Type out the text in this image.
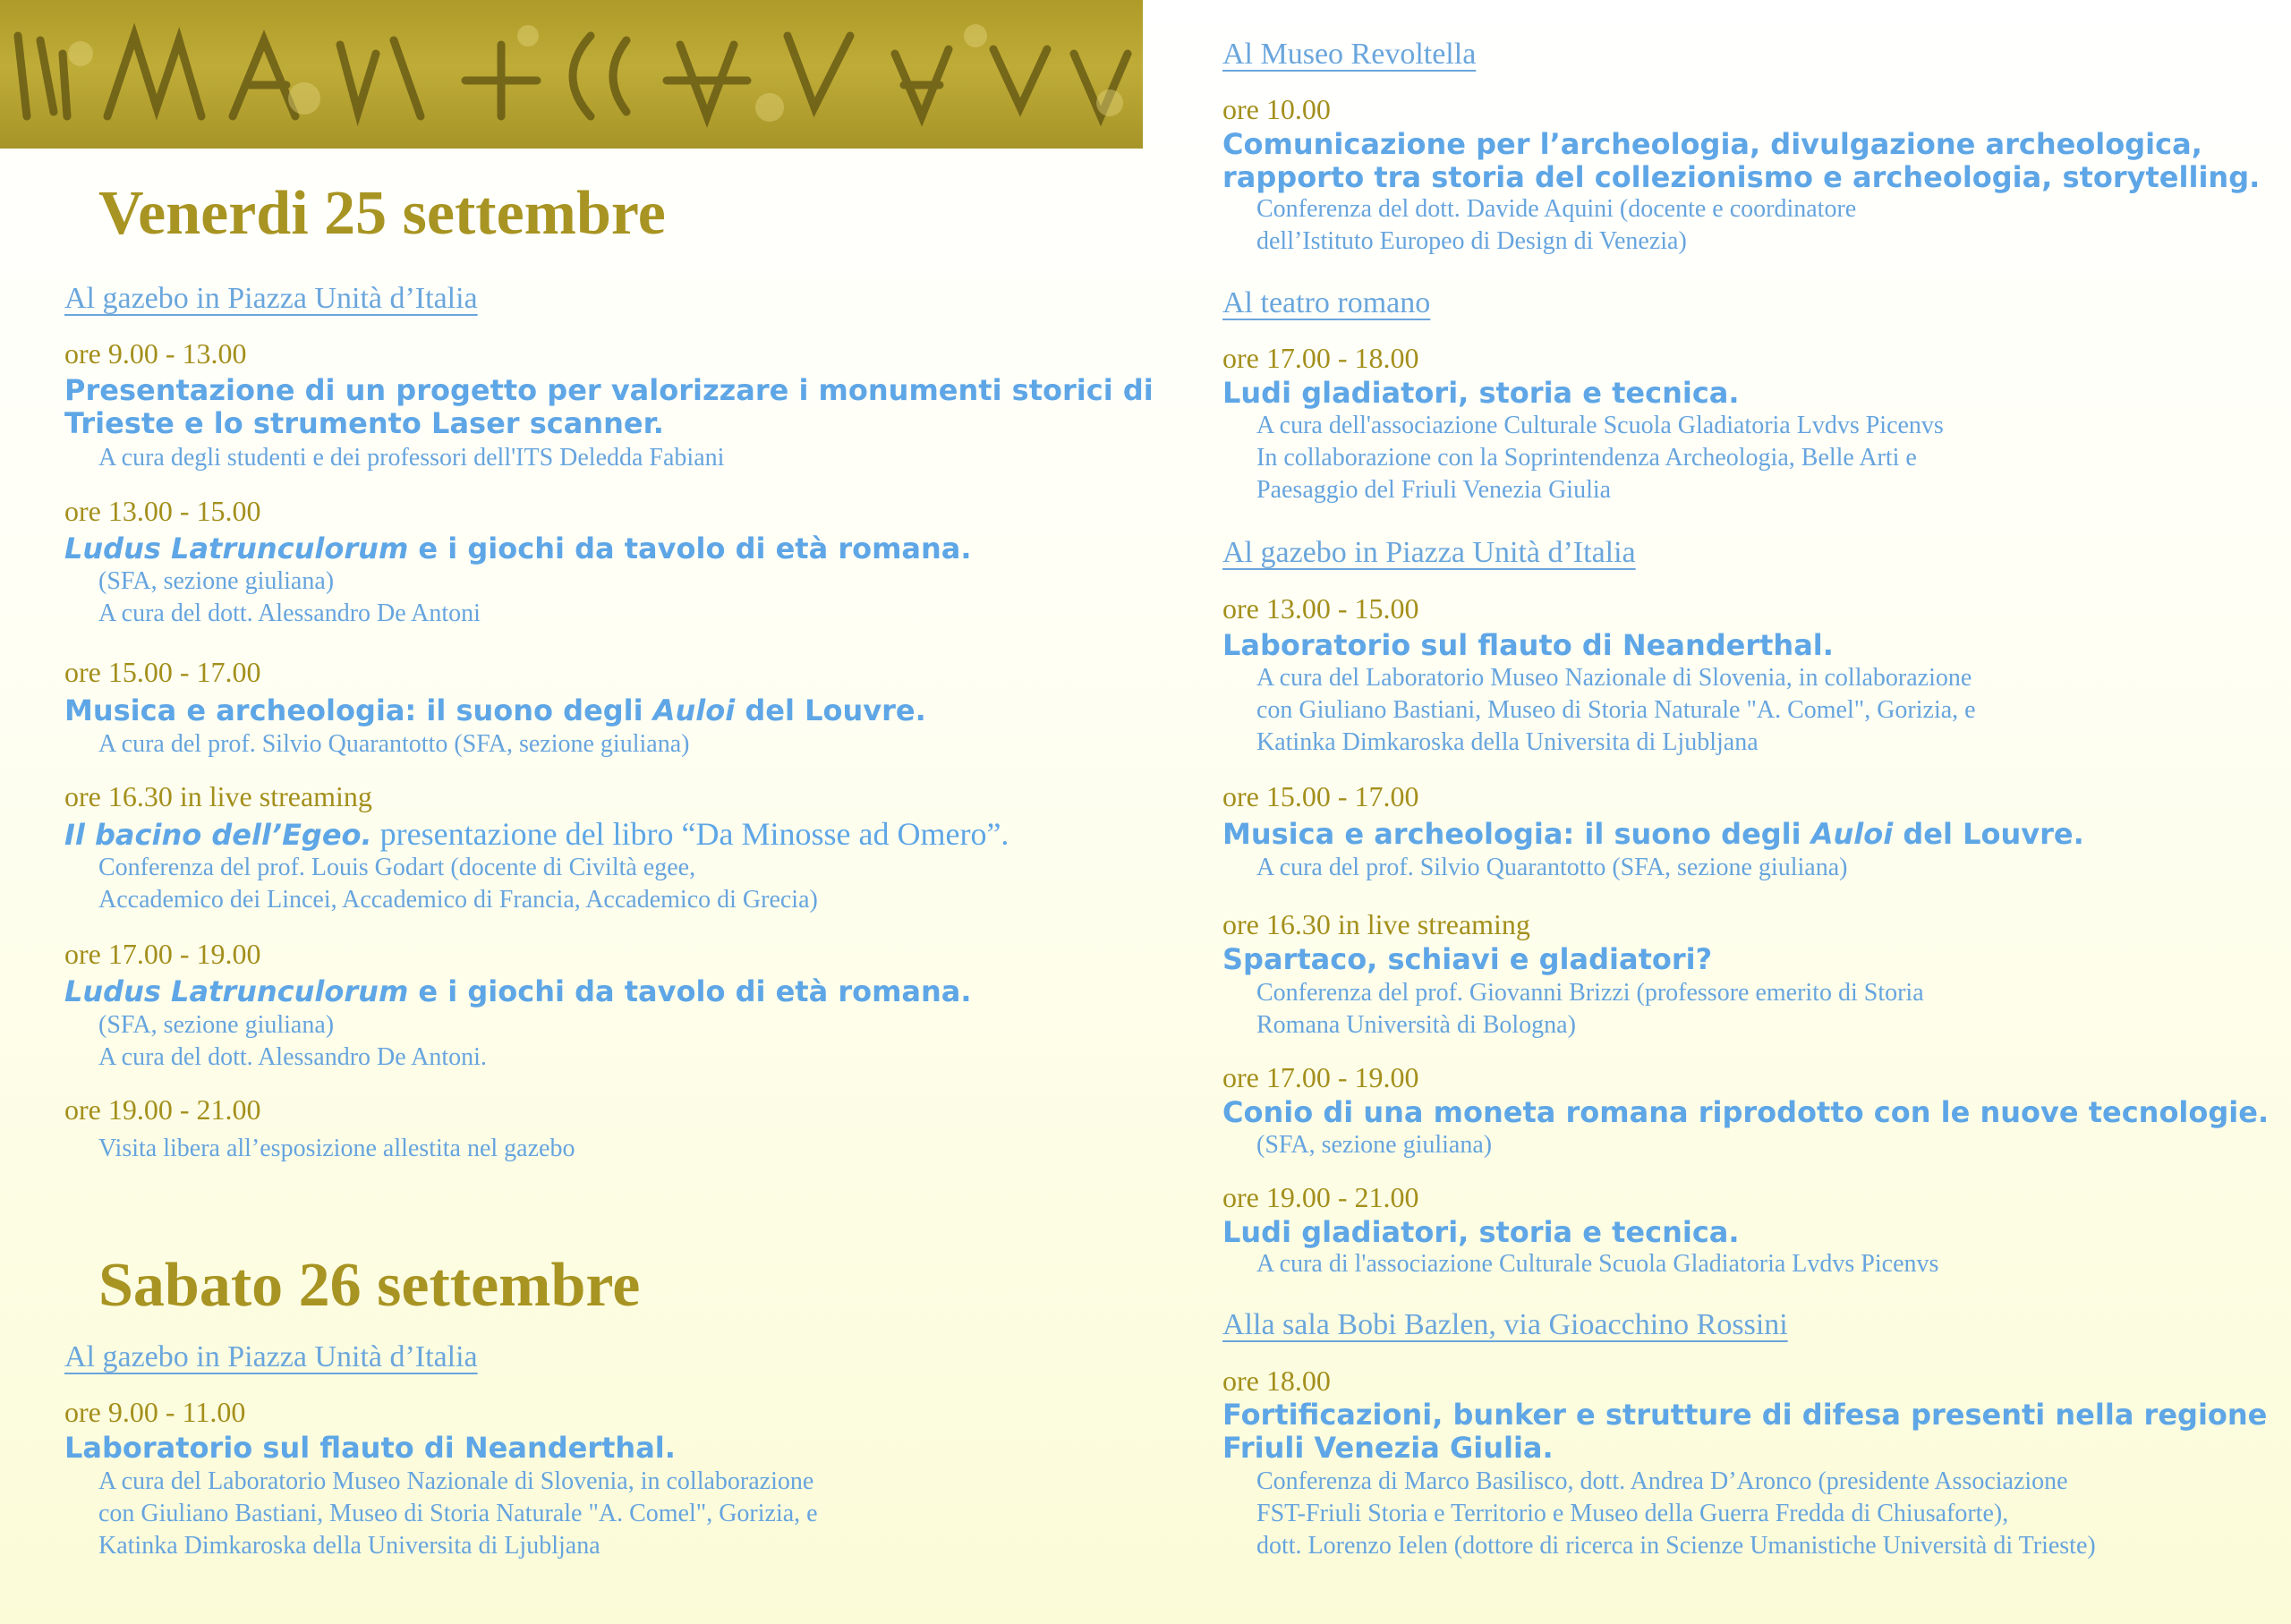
Venerdi 25 settembre
Al gazebo in Piazza Unità d’Italia
ore 9.00 - 13.00
Presentazione di un progetto per valorizzare i monumenti storici di
Trieste e lo strumento Laser scanner.
A cura degli studenti e dei professori dell'ITS Deledda Fabiani
ore 13.00 - 15.00
Ludus Latrunculorum e i giochi da tavolo di età romana.
(SFA, sezione giuliana)
A cura del dott. Alessandro De Antoni
ore 15.00 - 17.00
Musica e archeologia: il suono degli Auloi del Louvre.
A cura del prof. Silvio Quarantotto (SFA, sezione giuliana)
ore 16.30 in live streaming
Il bacino dell’Egeo. presentazione del libro “Da Minosse ad Omero”.
Conferenza del prof. Louis Godart (docente di Civiltà egee,
Accademico dei Lincei, Accademico di Francia, Accademico di Grecia)
ore 17.00 - 19.00
Ludus Latrunculorum e i giochi da tavolo di età romana.
(SFA, sezione giuliana)
A cura del dott. Alessandro De Antoni.
ore 19.00 - 21.00
Visita libera all’esposizione allestita nel gazebo
Sabato 26 settembre
Al gazebo in Piazza Unità d’Italia
ore 9.00 - 11.00
Laboratorio sul flauto di Neanderthal.
A cura del Laboratorio Museo Nazionale di Slovenia, in collaborazione
con Giuliano Bastiani, Museo di Storia Naturale "A. Comel", Gorizia, e
Katinka Dimkaroska della Universita di Ljubljana
Al Museo Revoltella
ore 10.00
Comunicazione per l’archeologia, divulgazione archeologica,
rapporto tra storia del collezionismo e archeologia, storytelling.
Conferenza del dott. Davide Aquini (docente e coordinatore
dell’Istituto Europeo di Design di Venezia)
Al teatro romano
ore 17.00 - 18.00
Ludi gladiatori, storia e tecnica.
A cura dell'associazione Culturale Scuola Gladiatoria Lvdvs Picenvs
In collaborazione con la Soprintendenza Archeologia, Belle Arti e
Paesaggio del Friuli Venezia Giulia
Al gazebo in Piazza Unità d’Italia
ore 13.00 - 15.00
Laboratorio sul flauto di Neanderthal.
A cura del Laboratorio Museo Nazionale di Slovenia, in collaborazione
con Giuliano Bastiani, Museo di Storia Naturale "A. Comel", Gorizia, e
Katinka Dimkaroska della Universita di Ljubljana
ore 15.00 - 17.00
Musica e archeologia: il suono degli Auloi del Louvre.
A cura del prof. Silvio Quarantotto (SFA, sezione giuliana)
ore 16.30 in live streaming
Spartaco, schiavi e gladiatori?
Conferenza del prof. Giovanni Brizzi (professore emerito di Storia
Romana Università di Bologna)
ore 17.00 - 19.00
Conio di una moneta romana riprodotto con le nuove tecnologie.
(SFA, sezione giuliana)
ore 19.00 - 21.00
Ludi gladiatori, storia e tecnica.
A cura di l'associazione Culturale Scuola Gladiatoria Lvdvs Picenvs
Alla sala Bobi Bazlen, via Gioacchino Rossini
ore 18.00
Fortificazioni, bunker e strutture di difesa presenti nella regione
Friuli Venezia Giulia.
Conferenza di Marco Basilisco, dott. Andrea D’Aronco (presidente Associazione
FST-Friuli Storia e Territorio e Museo della Guerra Fredda di Chiusaforte),
dott. Lorenzo Ielen (dottore di ricerca in Scienze Umanistiche Università di Trieste)
